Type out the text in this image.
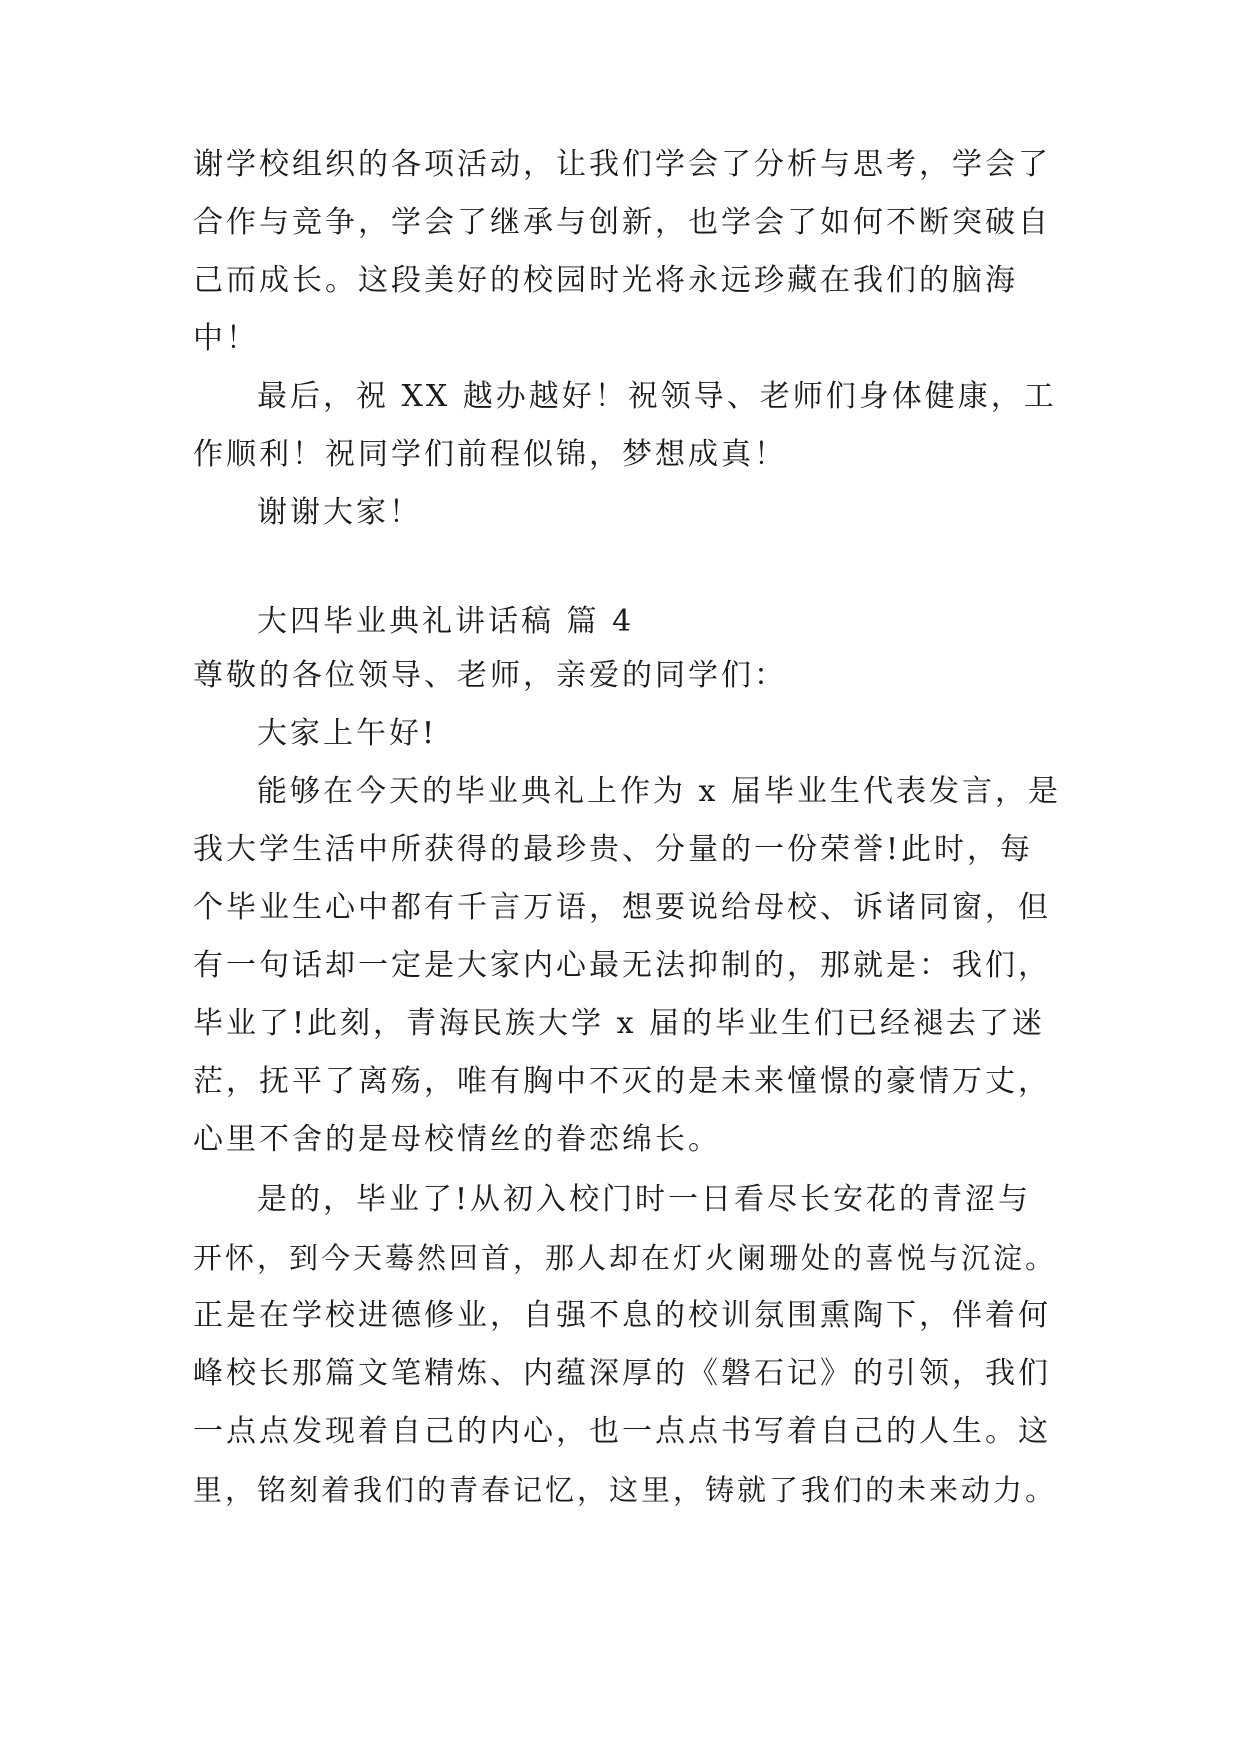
谢学校组织的各项活动，让我们学会了分析与思考，学会了
合作与竞争，学会了继承与创新，也学会了如何不断突破自
己而成长。这段美好的校园时光将永远珍藏在我们的脑海
中！
最后，祝 XX 越办越好！祝领导、老师们身体健康，工
作顺利！祝同学们前程似锦，梦想成真！
谢谢大家！
大四毕业典礼讲话稿 篇 4
尊敬的各位领导、老师，亲爱的同学们：
大家上午好!
能够在今天的毕业典礼上作为 x 届毕业生代表发言，是
我大学生活中所获得的最珍贵、分量的一份荣誉!此时，每
个毕业生心中都有千言万语，想要说给母校、诉诸同窗，但
有一句话却一定是大家内心最无法抑制的，那就是：我们，
毕业了!此刻，青海民族大学 x 届的毕业生们已经褪去了迷
茫，抚平了离殇，唯有胸中不灭的是未来憧憬的豪情万丈，
心里不舍的是母校情丝的眷恋绵长。
是的，毕业了!从初入校门时一日看尽长安花的青涩与
开怀，到今天蓦然回首，那人却在灯火阑珊处的喜悦与沉淀。
正是在学校进德修业，自强不息的校训氛围熏陶下，伴着何
峰校长那篇文笔精炼、内蕴深厚的《磐石记》的引领，我们
一点点发现着自己的内心，也一点点书写着自己的人生。这
里，铭刻着我们的青春记忆，这里，铸就了我们的未来动力。
